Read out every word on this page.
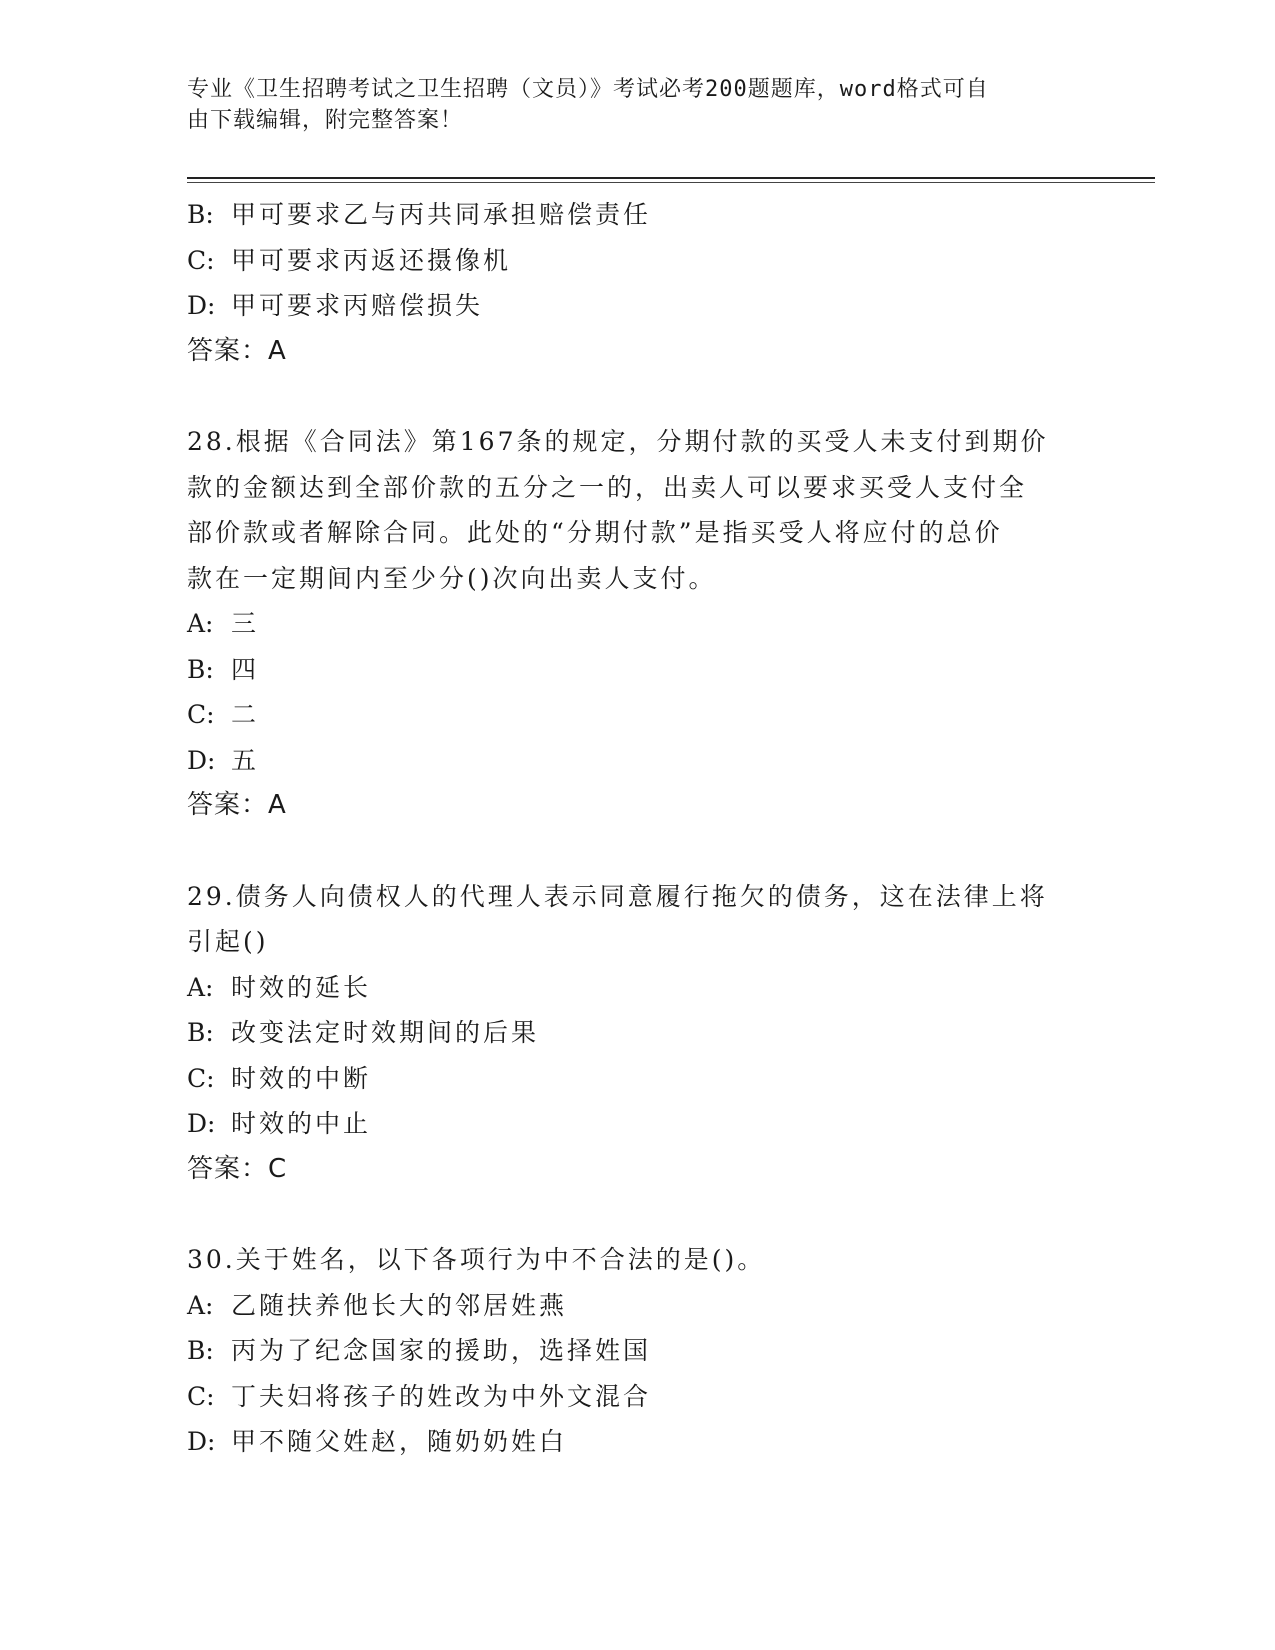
专业《卫生招聘考试之卫生招聘（文员）》考试必考200题题库，word格式可自
由下载编辑，附完整答案！
B: 甲可要求乙与丙共同承担赔偿责任
C: 甲可要求丙返还摄像机
D: 甲可要求丙赔偿损失
答案：A
28.根据《合同法》第167条的规定，分期付款的买受人未支付到期价
款的金额达到全部价款的五分之一的，出卖人可以要求买受人支付全
部价款或者解除合同。此处的“分期付款”是指买受人将应付的总价
款在一定期间内至少分()次向出卖人支付。
A: 三
B: 四
C: 二
D: 五
答案：A
29.债务人向债权人的代理人表示同意履行拖欠的债务，这在法律上将
引起()
A: 时效的延长
B: 改变法定时效期间的后果
C: 时效的中断
D: 时效的中止
答案：C
30.关于姓名，以下各项行为中不合法的是()。
A: 乙随扶养他长大的邻居姓燕
B: 丙为了纪念国家的援助，选择姓国
C: 丁夫妇将孩子的姓改为中外文混合
D: 甲不随父姓赵，随奶奶姓白
